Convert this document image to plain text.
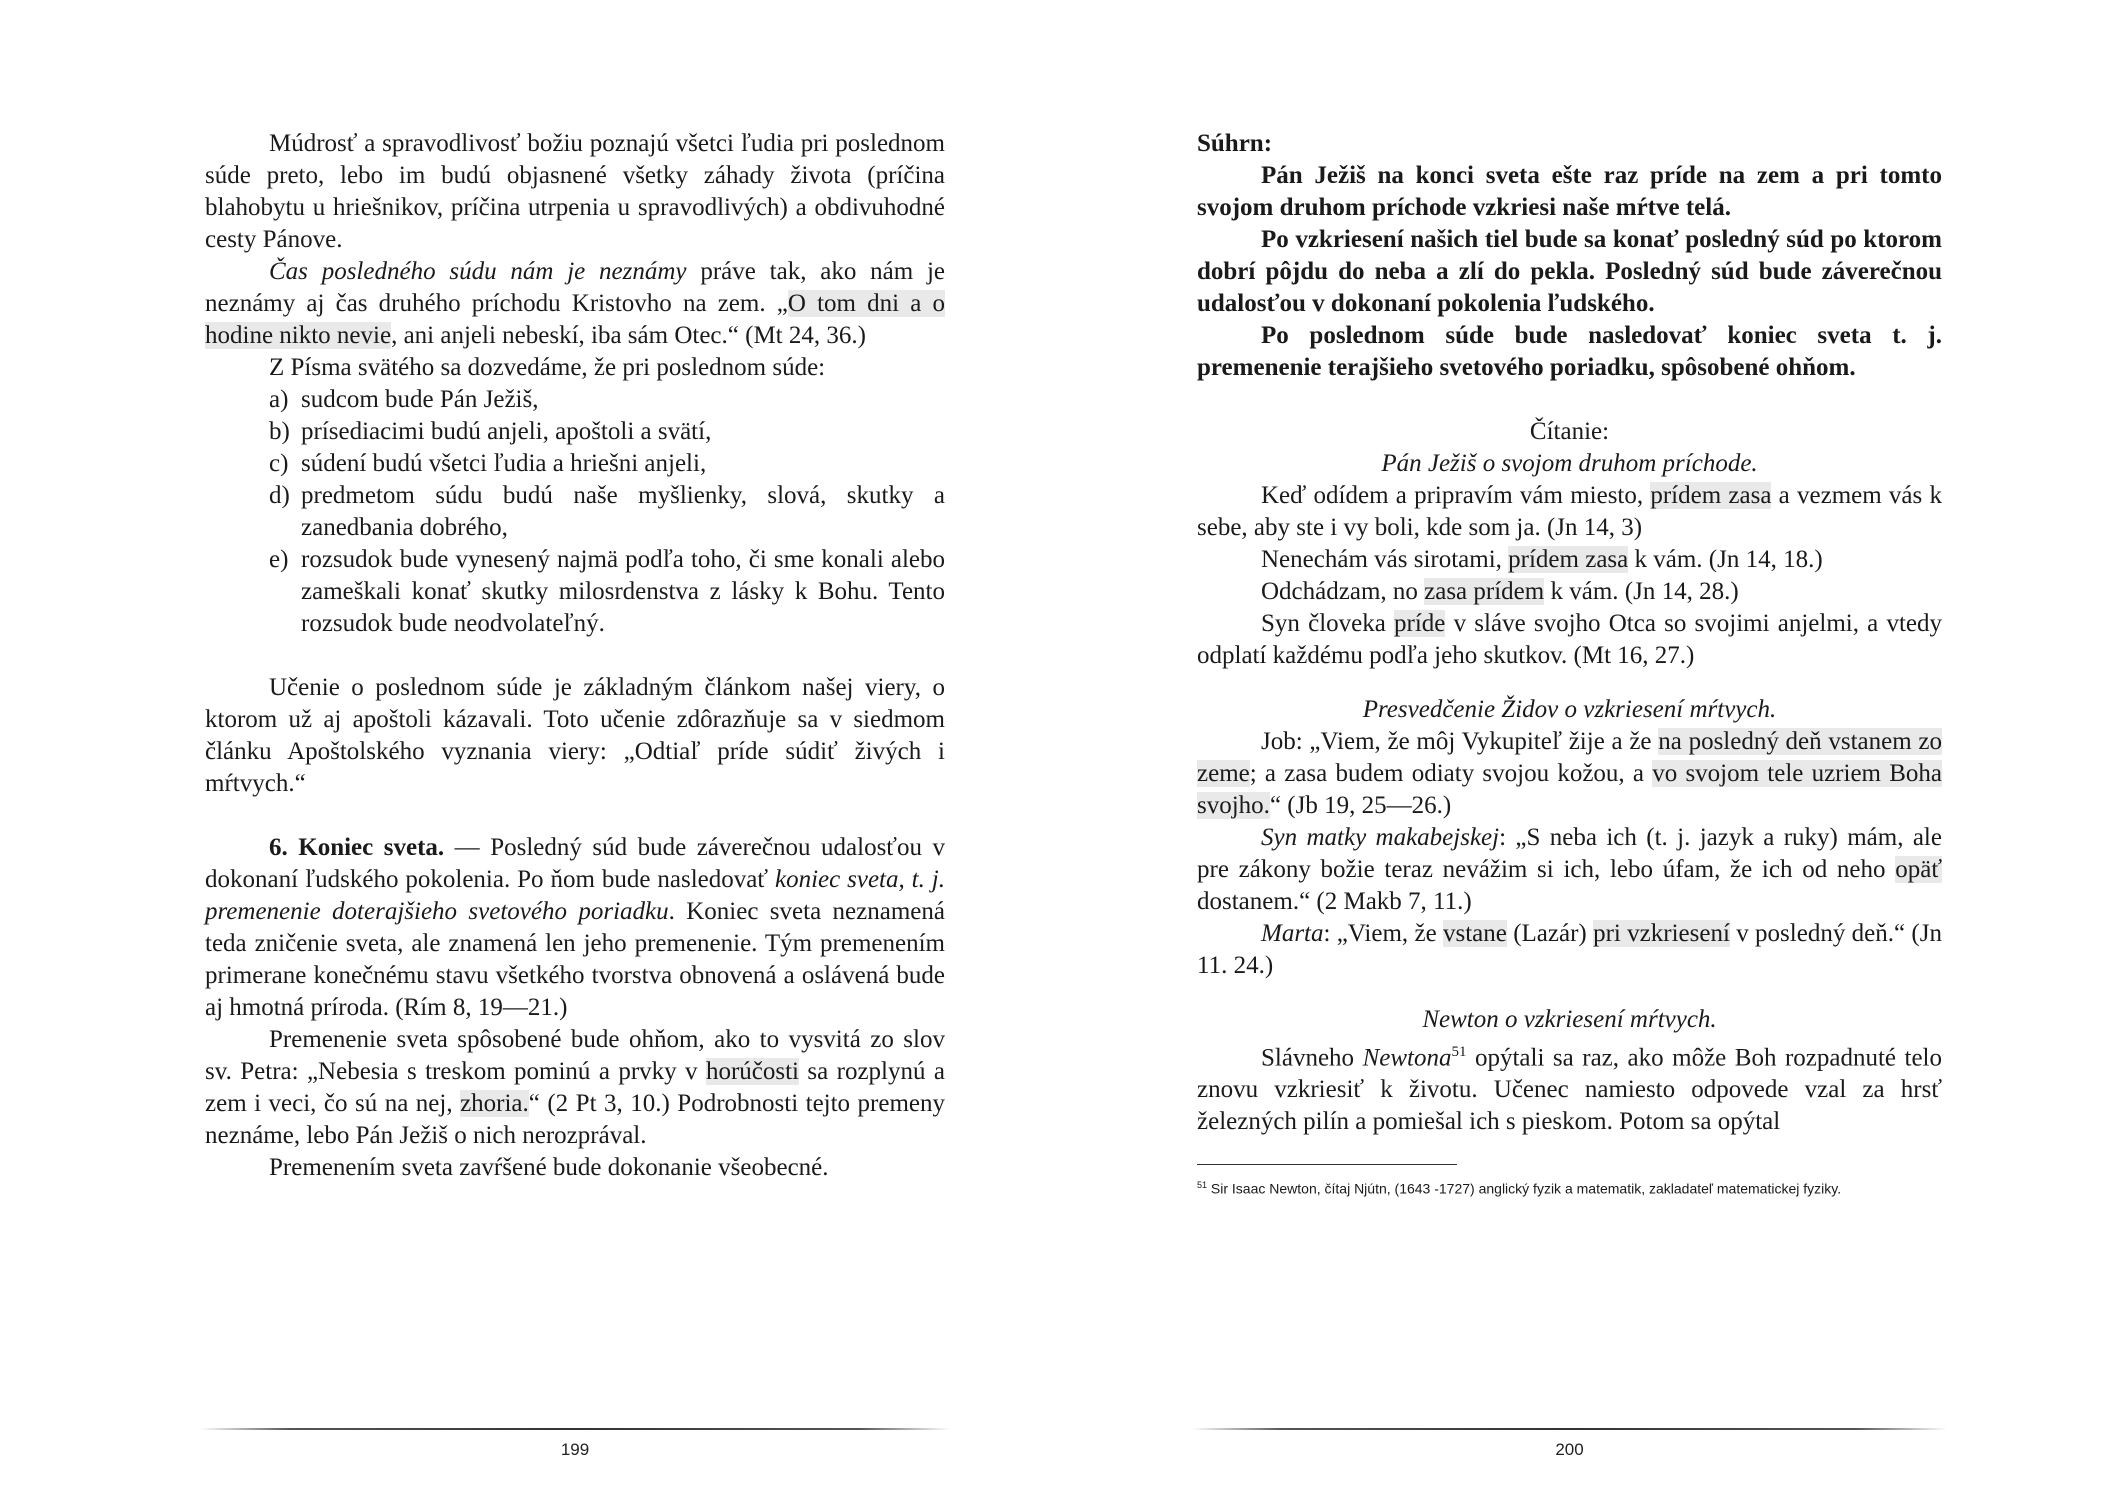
Múdrosť a spravodlivosť božiu poznajú všetci ľudia pri poslednom súde preto, lebo im budú objasnené všetky záhady života (príčina blahobytu u hriešnikov, príčina utrpenia u spravodlivých) a obdivuhodné cesty Pánove.

Čas posledného súdu nám je neznámy práve tak, ako nám je neznámy aj čas druhého príchodu Kristovho na zem. „O tom dni a o hodine nikto nevie, ani anjeli nebeskí, iba sám Otec.“ (Mt 24, 36.)

Z Písma svätého sa dozvedáme, že pri poslednom súde:

a) sudcom bude Pán Ježiš,
b) prísediacimi budú anjeli, apoštoli a svätí,
c) súdení budú všetci ľudia a hriešni anjeli,
d) predmetom súdu budú naše myšlienky, slová, skutky a zanedbania dobrého,
e) rozsudok bude vynesený najmä podľa toho, či sme konali alebo zameškali konať skutky milosrdenstva z lásky k Bohu. Tento rozsudok bude neodvolateľný.

Učenie o poslednom súde je základným článkom našej viery, o ktorom už aj apoštoli kázavali. Toto učenie zdôrazňuje sa v siedmom článku Apoštolského vyznania viery: „Odtiaľ príde súdiť živých i mŕtvych.“

6. Koniec sveta. — Posledný súd bude záverečnou udalosťou v dokonaní ľudského pokolenia. Po ňom bude nasledovať koniec sveta, t. j. premenenie doterajšieho svetového poriadku. Koniec sveta neznamená teda zničenie sveta, ale znamená len jeho premenenie. Tým premenením primerane konečnému stavu všetkého tvorstva obnovená a oslávená bude aj hmotná príroda. (Rím 8, 19—21.)

Premenenie sveta spôsobené bude ohňom, ako to vysvitá zo slov sv. Petra: „Nebesia s treskom pominú a prvky v horúčosti sa rozplynú a zem i veci, čo sú na nej, zhoria.“ (2 Pt 3, 10.) Podrobnosti tejto premeny neznáme, lebo Pán Ježiš o nich nerozprával.

Premenením sveta zavŕšené bude dokonanie všeobecné.

199

Súhrn:

Pán Ježiš na konci sveta ešte raz príde na zem a pri tomto svojom druhom príchode vzkriesi naše mŕtve telá.

Po vzkriesení našich tiel bude sa konať posledný súd po ktorom dobrí pôjdu do neba a zlí do pekla. Posledný súd bude záverečnou udalosťou v dokonaní pokolenia ľudského.

Po poslednom súde bude nasledovať koniec sveta t. j. premenenie terajšieho svetového poriadku, spôsobené ohňom.

Čítanie:

Pán Ježiš o svojom druhom príchode.

Keď odídem a pripravím vám miesto, prídem zasa a vezmem vás k sebe, aby ste i vy boli, kde som ja. (Jn 14, 3)

Nenechám vás sirotami, prídem zasa k vám. (Jn 14, 18.)

Odchádzam, no zasa prídem k vám. (Jn 14, 28.)

Syn človeka príde v sláve svojho Otca so svojimi anjelmi, a vtedy odplatí každému podľa jeho skutkov. (Mt 16, 27.)

Presvedčenie Židov o vzkriesení mŕtvych.

Job: „Viem, že môj Vykupiteľ žije a že na posledný deň vstanem zo zeme; a zasa budem odiaty svojou kožou, a vo svojom tele uzriem Boha svojho.“ (Jb 19, 25—26.)

Syn matky makabejskej: „S neba ich (t. j. jazyk a ruky) mám, ale pre zákony božie teraz nevážim si ich, lebo úfam, že ich od neho opäť dostanem.“ (2 Makb 7, 11.)

Marta: „Viem, že vstane (Lazár) pri vzkriesení v posledný deň.“ (Jn 11. 24.)

Newton o vzkriesení mŕtvych.

Slávneho Newtona$^{51}$ opýtali sa raz, ako môže Boh rozpadnuté telo znovu vzkriesiť k životu. Učenec namiesto odpovede vzal za hrsť železných pilín a pomiešal ich s pieskom. Potom sa opýtal

$^{51}$ Sir Isaac Newton, čítaj Njútn, (1643 -1727) anglický fyzik a matematik, zakladateľ matematickej fyziky.
200
